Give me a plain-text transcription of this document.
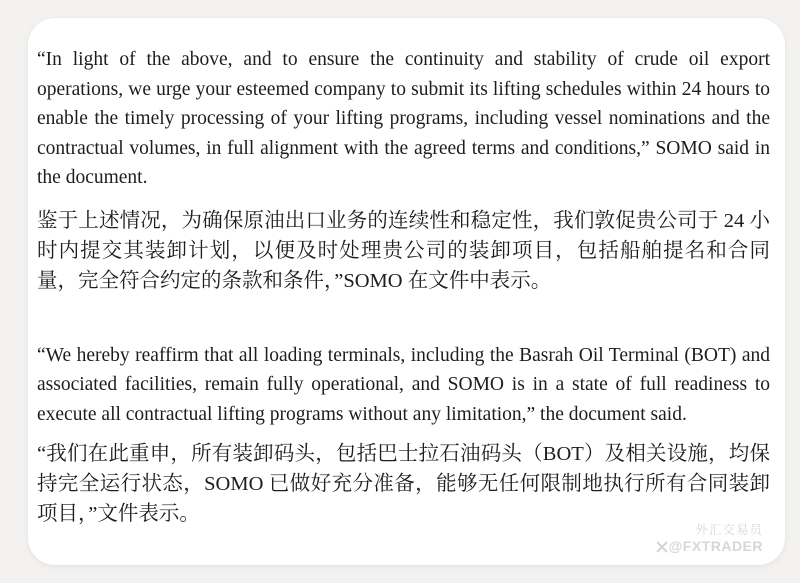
“In light of the above, and to ensure the continuity and stability of crude oil export operations, we urge your esteemed company to submit its lifting schedules within 24 hours to enable the timely processing of your lifting programs, including vessel nominations and the contractual volumes, in full alignment with the agreed terms and conditions,” SOMO said in the document.

鉴于上述情况，为确保原油出口业务的连续性和稳定性，我们敦促贵公司于 24 小时内提交其装卸计划，以便及时处理贵公司的装卸项目，包括船舶提名和合同量，完全符合约定的条款和条件，”SOMO 在文件中表示。

“We hereby reaffirm that all loading terminals, including the Basrah Oil Terminal (BOT) and associated facilities, remain fully operational, and SOMO is in a state of full readiness to execute all contractual lifting programs without any limitation,” the document said.

“我们在此重申，所有装卸码头，包括巴士拉石油码头（BOT）及相关设施，均保持完全运行状态，SOMO 已做好充分准备，能够无任何限制地执行所有合同装卸项目，”文件表示。

外汇交易员
@FXTRADER
